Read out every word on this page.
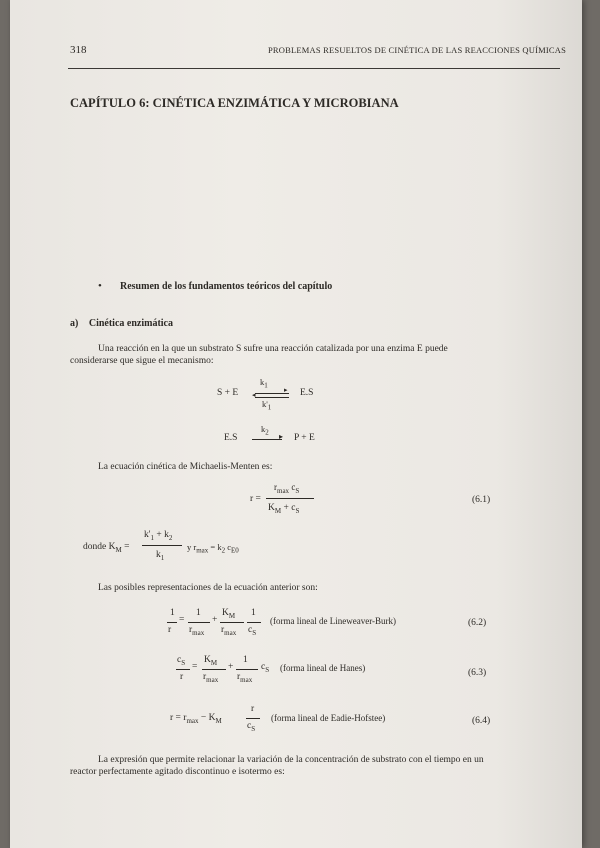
318	PROBLEMAS RESUELTOS DE CINÉTICA DE LAS REACCIONES QUÍMICAS
CAPÍTULO 6: CINÉTICA ENZIMÁTICA Y MICROBIANA
• Resumen de los fundamentos teóricos del capítulo
a) Cinética enzimática
Una reacción en la que un substrato S sufre una reacción catalizada por una enzima E puede
considerarse que sigue el mecanismo:
S + E
$k_1$
▸
◂
$k'_1$
E.S
E.S
$k_2$ ▸ P + E
La ecuación cinética de Michaelis-Menten es:
r =
$r_{max}$ $c_S$
$K_M + c_S$
(6.1)
donde $K_M$ =
$k'_1 + k_2$
$k_1$
y $r_{max} = k_2$ $c_{E0}$
Las posibles representaciones de la ecuación anterior son:
1
r
=
1
$r_{max}$
+
$K_M$
$r_{max}$
1
$c_S$
(forma lineal de Lineweaver-Burk)	(6.2)
$c_S$
r
=
$K_M$
$r_{max}$
+
1
$r_{max}$
$c_S$ (forma lineal de Hanes)	(6.3)
$r = r_{max} - K_M$
r
$c_S$
(forma lineal de Eadie-Hofstee)	(6.4)
La expresión que permite relacionar la variación de la concentración de substrato con el tiempo en un
reactor perfectamente agitado discontinuo e isotermo es:
